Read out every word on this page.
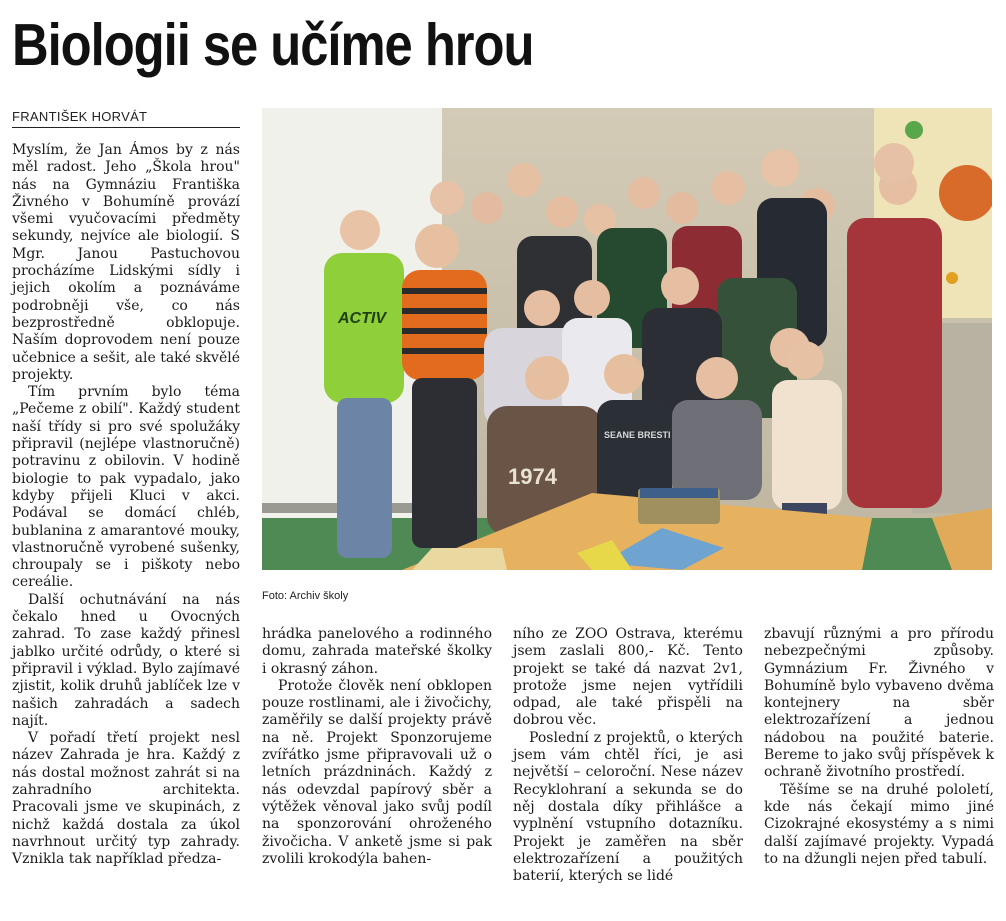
Biologii se učíme hrou
FRANTIŠEK HORVÁT

Myslím, že Jan Ámos by z nás měl radost. Jeho „Škola hrou" nás na Gymnáziu Františka Živného v Bohumíně provází všemi vyučovacími předměty sekundy, nejvíce ale biologií. S Mgr. Janou Pastuchovou procházíme Lidskými sídly i jejich okolím a poznáváme podrobněji vše, co nás bezprostředně obklopuje. Naším doprovodem není pouze učebnice a sešit, ale také skvělé projekty.

Tím prvním bylo téma „Pečeme z obilí". Každý student naší třídy si pro své spolužáky připravil (nejlépe vlastnoručně) potravinu z obilovin. V hodině biologie to pak vypadalo, jako kdyby přijeli Kluci v akci. Podával se domácí chléb, bublanina z amarantové mouky, vlastnoručně vyrobené sušenky, chroupaly se i piškoty nebo cereálie.

Další ochutnávání na nás čekalo hned u Ovocných zahrad. To zase každý přinesl jablko určité odrůdy, o které si připravil i výklad. Bylo zajímavé zjistit, kolik druhů jablíček lze v našich zahradách a sadech najít.

V pořadí třetí projekt nesl název Zahrada je hra. Každý z nás dostal možnost zahrát si na zahradního architekta. Pracovali jsme ve skupinách, z nichž každá dostala za úkol navrhnout určitý typ zahrady. Vznikla tak například předza-

1974
SEANE BRESTI
ACTIV
Foto: Archiv školy

hrádka panelového a rodinného domu, zahrada mateřské školky i okrasný záhon.

Protože člověk není obklopen pouze rostlinami, ale i živočichy, zaměřily se další projekty právě na ně. Projekt Sponzorujeme zvířátko jsme připravovali už o letních prázdninách. Každý z nás odevzdal papírový sběr a výtěžek věnoval jako svůj podíl na sponzorování ohroženého živočicha. V anketě jsme si pak zvolili krokodýla bahen-

ního ze ZOO Ostrava, kterému jsem zaslali 800,- Kč. Tento projekt se také dá nazvat 2v1, protože jsme nejen vytřídili odpad, ale také přispěli na dobrou věc.

Poslední z projektů, o kterých jsem vám chtěl říci, je asi největší – celoroční. Nese název Recyklohraní a sekunda se do něj dostala díky přihlášce a vyplnění vstupního dotazníku. Projekt je zaměřen na sběr elektrozařízení a použitých baterií, kterých se lidé

zbavují různými a pro přírodu nebezpečnými způsoby. Gymnázium Fr. Živného v Bohumíně bylo vybaveno dvěma kontejnery na sběr elektrozařízení a jednou nádobou na použité baterie. Bereme to jako svůj příspěvek k ochraně životního prostředí.

Těšíme se na druhé pololetí, kde nás čekají mimo jiné Cizokrajné ekosystémy a s nimi další zajímavé projekty. Vypadá to na džungli nejen před tabulí.
